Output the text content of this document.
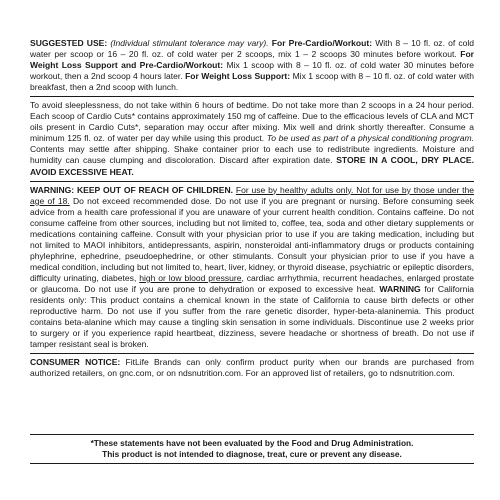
SUGGESTED USE: (Individual stimulant tolerance may vary). For Pre-Cardio/Workout: With 8 – 10 fl. oz. of cold water per scoop or 16 – 20 fl. oz. of cold water per 2 scoops, mix 1 – 2 scoops 30 minutes before workout. For Weight Loss Support and Pre-Cardio/Workout: Mix 1 scoop with 8 – 10 fl. oz. of cold water 30 minutes before workout, then a 2nd scoop 4 hours later. For Weight Loss Support: Mix 1 scoop with 8 – 10 fl. oz. of cold water with breakfast, then a 2nd scoop with lunch.

To avoid sleeplessness, do not take within 6 hours of bedtime. Do not take more than 2 scoops in a 24 hour period. Each scoop of Cardio Cuts* contains approximately 150 mg of caffeine. Due to the efficacious levels of CLA and MCT oils present in Cardio Cuts*, separation may occur after mixing. Mix well and drink shortly thereafter. Consume a minimum 125 fl. oz. of water per day while using this product. To be used as part of a physical conditioning program. Contents may settle after shipping. Shake container prior to each use to redistribute ingredients. Moisture and humidity can cause clumping and discoloration. Discard after expiration date. STORE IN A COOL, DRY PLACE. AVOID EXCESSIVE HEAT.

WARNING: KEEP OUT OF REACH OF CHILDREN. For use by healthy adults only. Not for use by those under the age of 18. Do not exceed recommended dose. Do not use if you are pregnant or nursing. Before consuming seek advice from a health care professional if you are unaware of your current health condition. Contains caffeine. Do not consume caffeine from other sources, including but not limited to, coffee, tea, soda and other dietary supplements or medications containing caffeine. Consult with your physician prior to use if you are taking medication, including but not limited to MAOI inhibitors, antidepressants, aspirin, nonsteroidal anti-inflammatory drugs or products containing phylephrine, ephedrine, pseudoephedrine, or other stimulants. Consult your physician prior to use if you have a medical condition, including but not limited to, heart, liver, kidney, or thyroid disease, psychiatric or epileptic disorders, difficulty urinating, diabetes, high or low blood pressure, cardiac arrhythmia, recurrent headaches, enlarged prostate or glaucoma. Do not use if you are prone to dehydration or exposed to excessive heat. WARNING for California residents only: This product contains a chemical known in the state of California to cause birth defects or other reproductive harm. Do not use if you suffer from the rare genetic disorder, hyper-beta-alaninemia. This product contains beta-alanine which may cause a tingling skin sensation in some individuals. Discontinue use 2 weeks prior to surgery or if you experience rapid heartbeat, dizziness, severe headache or shortness of breath. Do not use if tamper resistant seal is broken.

CONSUMER NOTICE: FitLife Brands can only confirm product purity when our brands are purchased from authorized retailers, on gnc.com, or on ndsnutrition.com. For an approved list of retailers, go to ndsnutrition.com.

*These statements have not been evaluated by the Food and Drug Administration.

This product is not intended to diagnose, treat, cure or prevent any disease.
